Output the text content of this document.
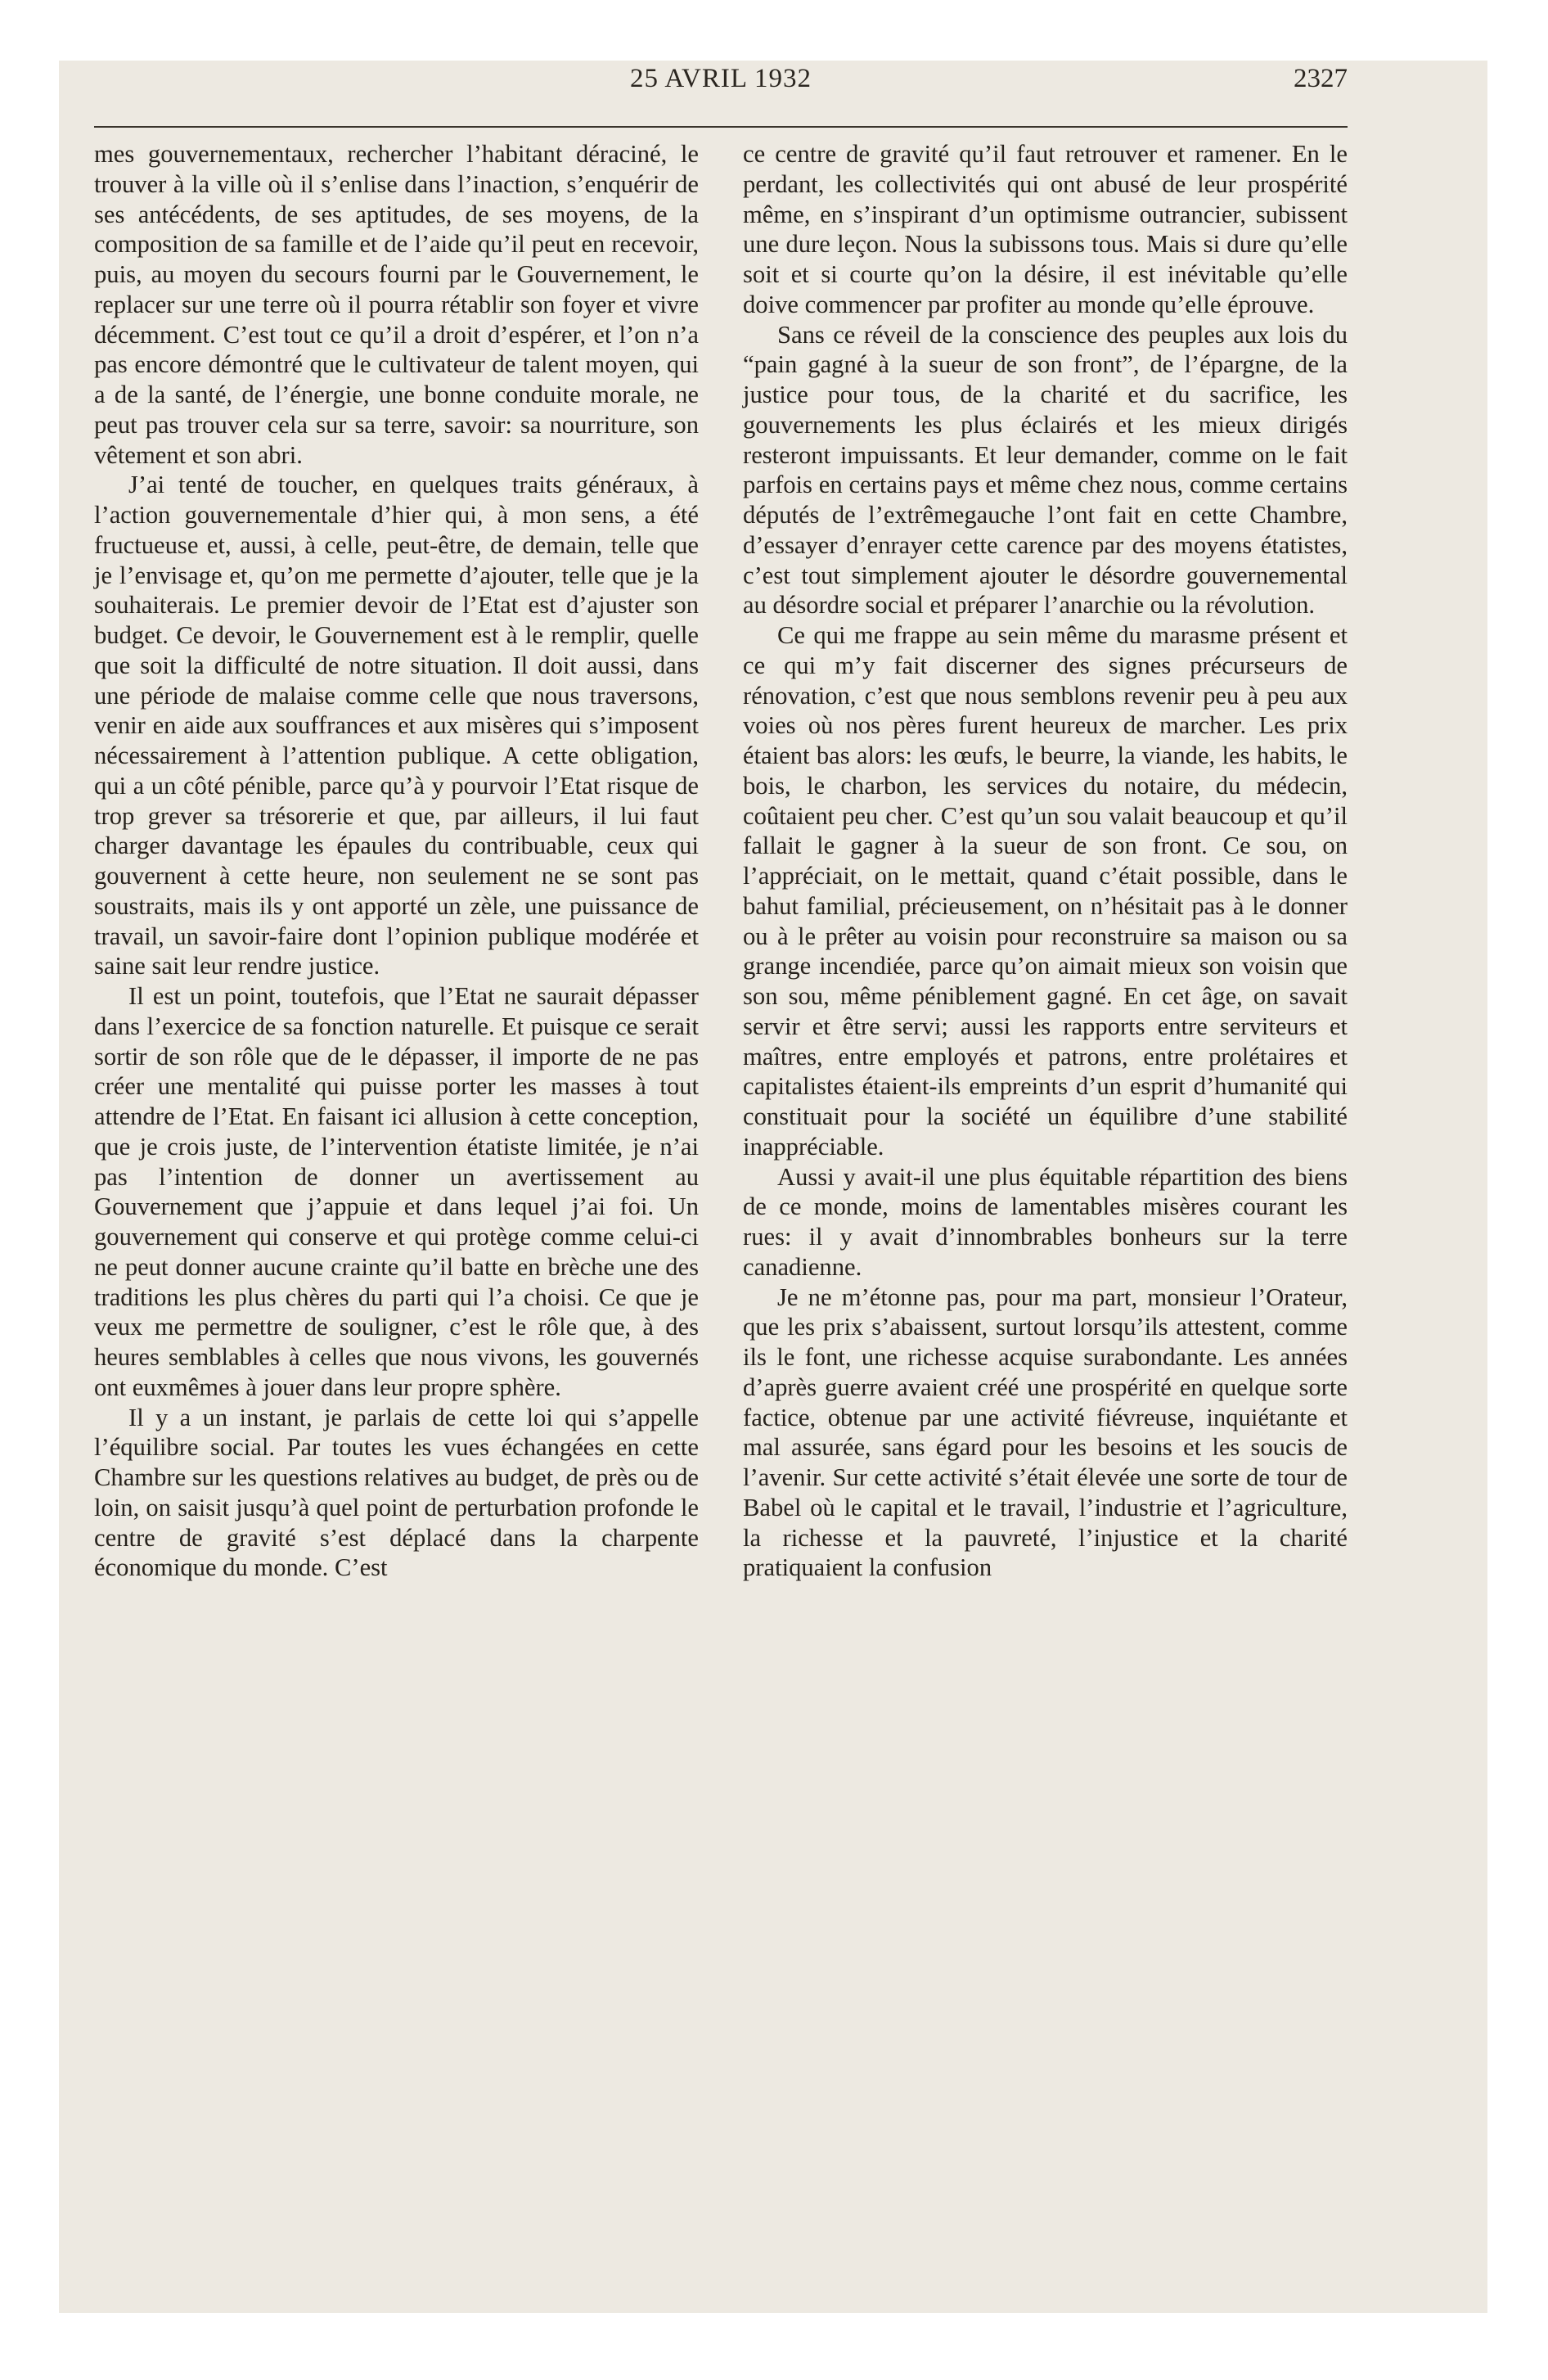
25 AVRIL 1932	2327

mes gouvernementaux, rechercher l’habitant déraciné, le trouver à la ville où il s’enlise dans l’inaction, s’enquérir de ses antécédents, de ses aptitudes, de ses moyens, de la composition de sa famille et de l’aide qu’il peut en recevoir, puis, au moyen du secours fourni par le Gouvernement, le replacer sur une terre où il pourra rétablir son foyer et vivre décemment. C’est tout ce qu’il a droit d’espérer, et l’on n’a pas encore démontré que le cultivateur de talent moyen, qui a de la santé, de l’énergie, une bonne conduite morale, ne peut pas trouver cela sur sa terre, savoir: sa nourriture, son vêtement et son abri.

J’ai tenté de toucher, en quelques traits généraux, à l’action gouvernementale d’hier qui, à mon sens, a été fructueuse et, aussi, à celle, peut-être, de demain, telle que je l’envisage et, qu’on me permette d’ajouter, telle que je la souhaiterais. Le premier devoir de l’Etat est d’ajuster son budget. Ce devoir, le Gouvernement est à le remplir, quelle que soit la difficulté de notre situation. Il doit aussi, dans une période de malaise comme celle que nous traversons, venir en aide aux souffrances et aux misères qui s’imposent nécessairement à l’attention publique. A cette obligation, qui a un côté pénible, parce qu’à y pourvoir l’Etat risque de trop grever sa trésorerie et que, par ailleurs, il lui faut charger davantage les épaules du contribuable, ceux qui gouvernent à cette heure, non seulement ne se sont pas soustraits, mais ils y ont apporté un zèle, une puissance de travail, un savoir-faire dont l’opinion publique modérée et saine sait leur rendre justice.

Il est un point, toutefois, que l’Etat ne saurait dépasser dans l’exercice de sa fonction naturelle. Et puisque ce serait sortir de son rôle que de le dépasser, il importe de ne pas créer une mentalité qui puisse porter les masses à tout attendre de l’Etat. En faisant ici allusion à cette conception, que je crois juste, de l’intervention étatiste limitée, je n’ai pas l’intention de donner un avertissement au Gouvernement que j’appuie et dans lequel j’ai foi. Un gouvernement qui conserve et qui protège comme celui-ci ne peut donner aucune crainte qu’il batte en brèche une des traditions les plus chères du parti qui l’a choisi. Ce que je veux me permettre de souligner, c’est le rôle que, à des heures semblables à celles que nous vivons, les gouvernés ont euxmêmes à jouer dans leur propre sphère.

Il y a un instant, je parlais de cette loi qui s’appelle l’équilibre social. Par toutes les vues échangées en cette Chambre sur les questions relatives au budget, de près ou de loin, on saisit jusqu’à quel point de perturbation profonde le centre de gravité s’est déplacé dans la charpente économique du monde. C’est

ce centre de gravité qu’il faut retrouver et ramener. En le perdant, les collectivités qui ont abusé de leur prospérité même, en s’inspirant d’un optimisme outrancier, subissent une dure leçon. Nous la subissons tous. Mais si dure qu’elle soit et si courte qu’on la désire, il est inévitable qu’elle doive commencer par profiter au monde qu’elle éprouve.

Sans ce réveil de la conscience des peuples aux lois du “pain gagné à la sueur de son front”, de l’épargne, de la justice pour tous, de la charité et du sacrifice, les gouvernements les plus éclairés et les mieux dirigés resteront impuissants. Et leur demander, comme on le fait parfois en certains pays et même chez nous, comme certains députés de l’extrêmegauche l’ont fait en cette Chambre, d’essayer d’enrayer cette carence par des moyens étatistes, c’est tout simplement ajouter le désordre gouvernemental au désordre social et préparer l’anarchie ou la révolution.

Ce qui me frappe au sein même du marasme présent et ce qui m’y fait discerner des signes précurseurs de rénovation, c’est que nous semblons revenir peu à peu aux voies où nos pères furent heureux de marcher. Les prix étaient bas alors: les œufs, le beurre, la viande, les habits, le bois, le charbon, les services du notaire, du médecin, coûtaient peu cher. C’est qu’un sou valait beaucoup et qu’il fallait le gagner à la sueur de son front. Ce sou, on l’appréciait, on le mettait, quand c’était possible, dans le bahut familial, précieusement, on n’hésitait pas à le donner ou à le prêter au voisin pour reconstruire sa maison ou sa grange incendiée, parce qu’on aimait mieux son voisin que son sou, même péniblement gagné. En cet âge, on savait servir et être servi; aussi les rapports entre serviteurs et maîtres, entre employés et patrons, entre prolétaires et capitalistes étaient-ils empreints d’un esprit d’humanité qui constituait pour la société un équilibre d’une stabilité inappréciable.

Aussi y avait-il une plus équitable répartition des biens de ce monde, moins de lamentables misères courant les rues: il y avait d’innombrables bonheurs sur la terre canadienne.

Je ne m’étonne pas, pour ma part, monsieur l’Orateur, que les prix s’abaissent, surtout lorsqu’ils attestent, comme ils le font, une richesse acquise surabondante. Les années d’après guerre avaient créé une prospérité en quelque sorte factice, obtenue par une activité fiévreuse, inquiétante et mal assurée, sans égard pour les besoins et les soucis de l’avenir. Sur cette activité s’était élevée une sorte de tour de Babel où le capital et le travail, l’industrie et l’agriculture, la richesse et la pauvreté, l’injustice et la charité pratiquaient la confusion
